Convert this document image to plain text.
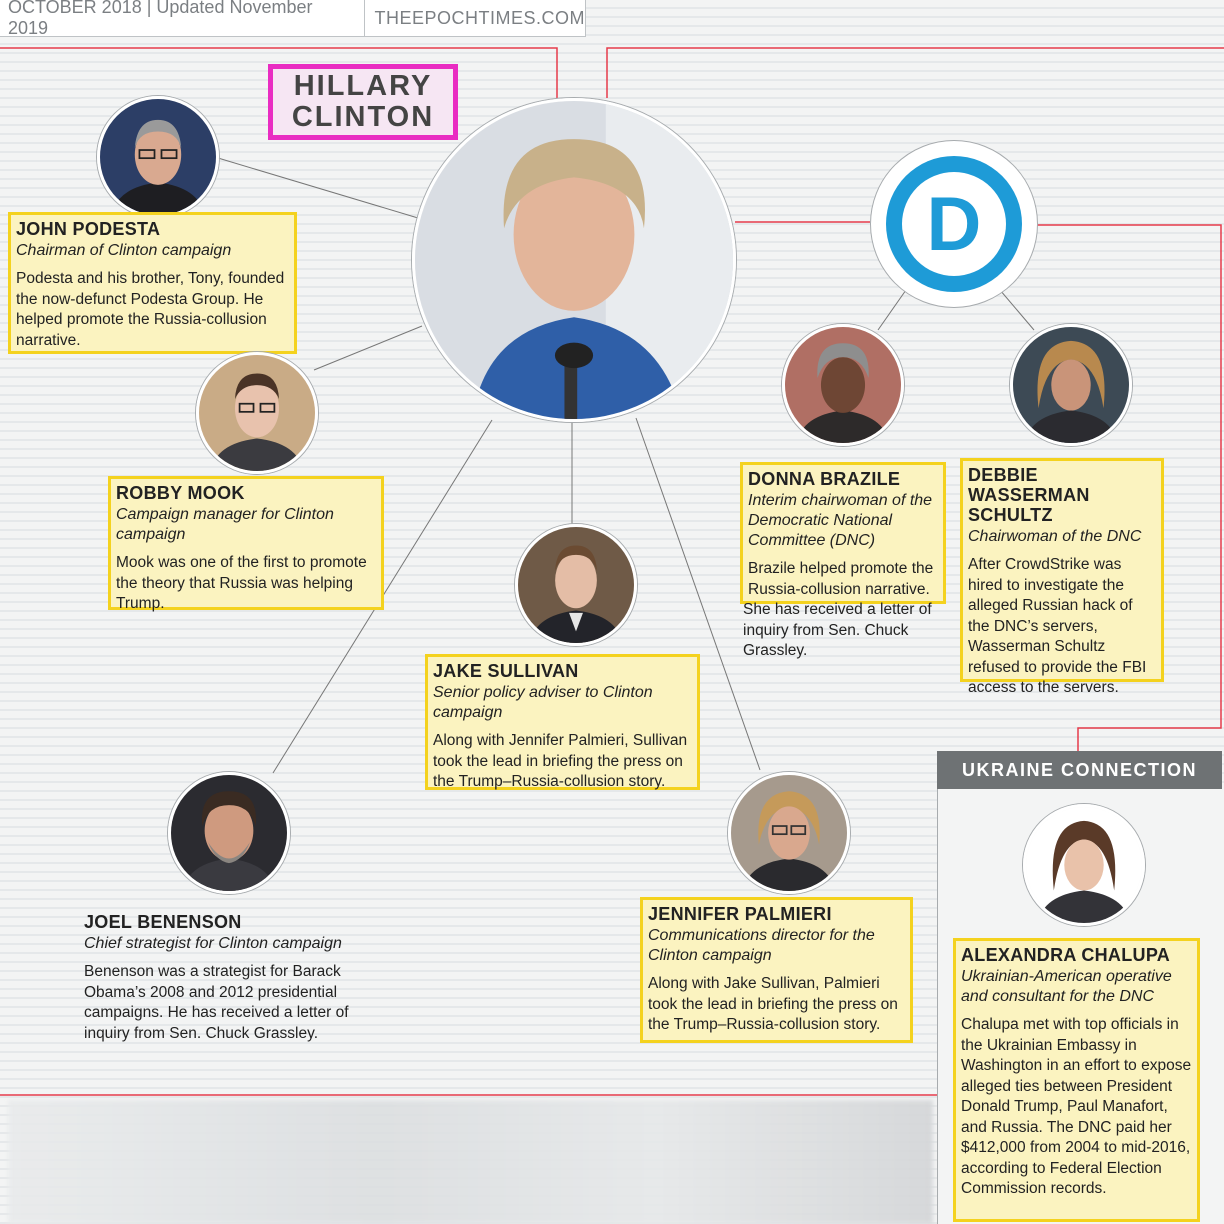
OCTOBER 2018 | Updated November 2019
THEEPOCHTIMES.COM
HILLARY
CLINTON
D
JOHN PODESTA
Chairman of Clinton campaign
Podesta and his brother, Tony, founded the now-defunct Podesta Group. He helped promote the Russia-collusion narrative.
ROBBY MOOK
Campaign manager for Clinton campaign
Mook was one of the first to promote the theory that Russia was helping Trump.
JAKE SULLIVAN
Senior policy adviser to Clinton campaign
Along with Jennifer Palmieri, Sullivan took the lead in briefing the press on the Trump–Russia-collusion story.
JOEL BENENSON
Chief strategist for Clinton campaign
Benenson was a strategist for Barack Obama’s 2008 and 2012 presidential campaigns. He has received a letter of inquiry from Sen. Chuck Grassley.
JENNIFER PALMIERI
Communications director for the Clinton campaign
Along with Jake Sullivan, Palmieri took the lead in briefing the press on the Trump–Russia-collusion story.
DONNA BRAZILE
Interim chairwoman of the Democratic National Committee (DNC)
Brazile helped promote the Russia-collusion narrative.
She has received a letter of inquiry from Sen. Chuck Grassley.
DEBBIE WASSERMAN SCHULTZ
Chairwoman of the DNC
After CrowdStrike was hired to investigate the alleged Russian hack of the DNC’s servers, Wasserman Schultz refused to provide the FBI access to the servers.
UKRAINE CONNECTION
ALEXANDRA CHALUPA
Ukrainian-American operative and consultant for the DNC
Chalupa met with top officials in the Ukrainian Embassy in Washington in an effort to expose alleged ties between President Donald Trump, Paul Manafort, and Russia. The DNC paid her $412,000 from 2004 to mid-2016, according to Federal Election Commission records.
